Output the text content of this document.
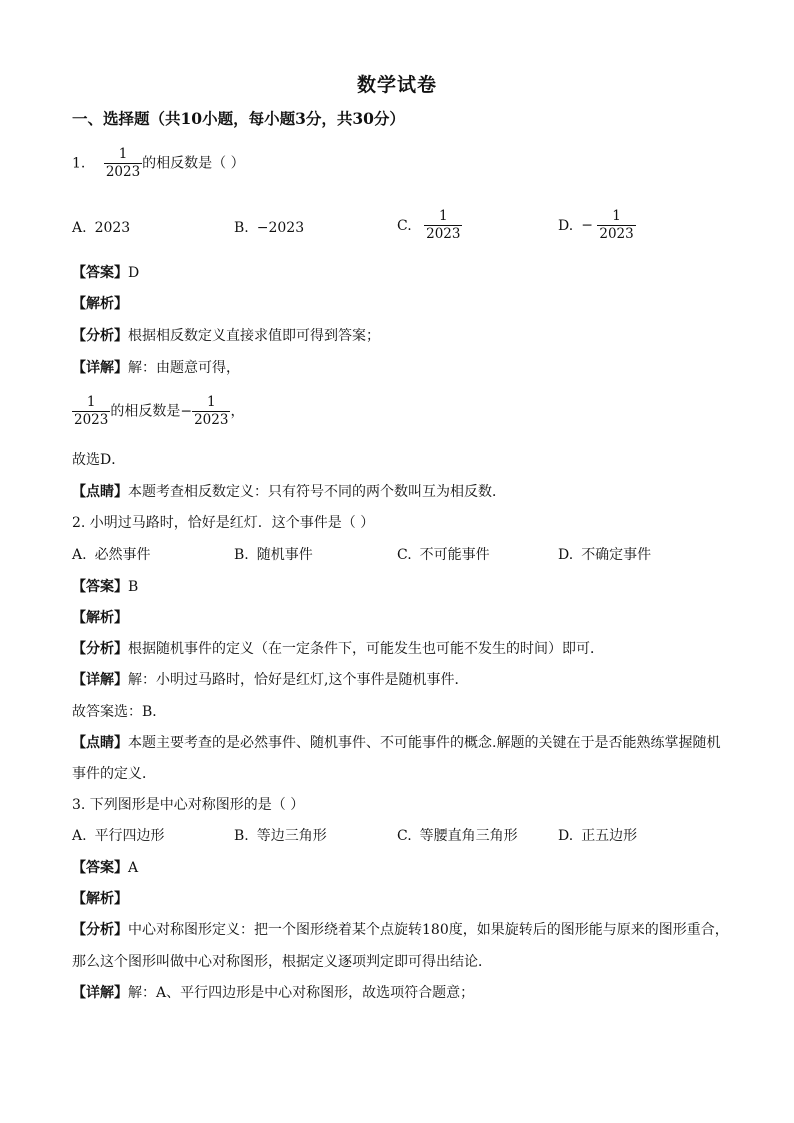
数学试卷
一、选择题（共10小题，每小题3分，共30分）
1. $\frac{1}{2023}$ 的相反数是（ ）
A. 2023	B. −2023	C. $\frac{1}{2023}$	D. − $\frac{1}{2023}$
【答案】D
【解析】
【分析】根据相反数定义直接求值即可得到答案；
【详解】解：由题意可得，
$\frac{1}{2023}$ 的相反数是− $\frac{1}{2023}$ ，
故选D．
【点睛】本题考查相反数定义：只有符号不同的两个数叫互为相反数．
2. 小明过马路时，恰好是红灯．这个事件是（ ）
A. 必然事件	B. 随机事件	C. 不可能事件	D. 不确定事件
【答案】B
【解析】
【分析】根据随机事件的定义（在一定条件下，可能发生也可能不发生的时间）即可．
【详解】解：小明过马路时，恰好是红灯,这个事件是随机事件．
故答案选：B．
【点睛】本题主要考查的是必然事件、随机事件、不可能事件的概念.解题的关键在于是否能熟练掌握随机
事件的定义．
3. 下列图形是中心对称图形的是（ ）
A. 平行四边形	B. 等边三角形	C. 等腰直角三角形	D. 正五边形
【答案】A
【解析】
【分析】中心对称图形定义：把一个图形绕着某个点旋转180度，如果旋转后的图形能与原来的图形重合，
那么这个图形叫做中心对称图形，根据定义逐项判定即可得出结论．
【详解】解：A、平行四边形是中心对称图形，故选项符合题意；
